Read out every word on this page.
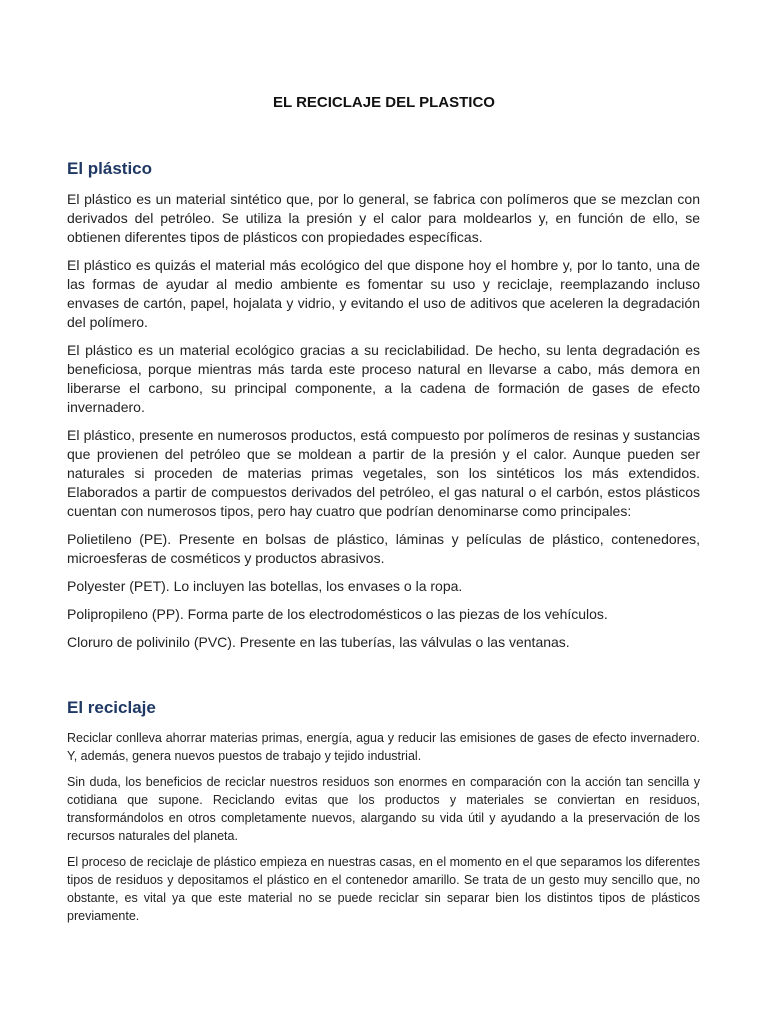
EL RECICLAJE DEL PLASTICO
El plástico

El plástico es un material sintético que, por lo general, se fabrica con polímeros que se mezclan con derivados del petróleo. Se utiliza la presión y el calor para moldearlos y, en función de ello, se obtienen diferentes tipos de plásticos con propiedades específicas.

El plástico es quizás el material más ecológico del que dispone hoy el hombre y, por lo tanto, una de las formas de ayudar al medio ambiente es fomentar su uso y reciclaje, reemplazando incluso envases de cartón, papel, hojalata y vidrio, y evitando el uso de aditivos que aceleren la degradación del polímero.

El plástico es un material ecológico gracias a su reciclabilidad. De hecho, su lenta degradación es beneficiosa, porque mientras más tarda este proceso natural en llevarse a cabo, más demora en liberarse el carbono, su principal componente, a la cadena de formación de gases de efecto invernadero.

El plástico, presente en numerosos productos, está compuesto por polímeros de resinas y sustancias que provienen del petróleo que se moldean a partir de la presión y el calor. Aunque pueden ser naturales si proceden de materias primas vegetales, son los sintéticos los más extendidos. Elaborados a partir de compuestos derivados del petróleo, el gas natural o el carbón, estos plásticos cuentan con numerosos tipos, pero hay cuatro que podrían denominarse como principales:

Polietileno (PE). Presente en bolsas de plástico, láminas y películas de plástico, contenedores, microesferas de cosméticos y productos abrasivos.

Polyester (PET). Lo incluyen las botellas, los envases o la ropa.

Polipropileno (PP). Forma parte de los electrodomésticos o las piezas de los vehículos.

Cloruro de polivinilo (PVC). Presente en las tuberías, las válvulas o las ventanas.

El reciclaje

Reciclar conlleva ahorrar materias primas, energía, agua y reducir las emisiones de gases de efecto invernadero. Y, además, genera nuevos puestos de trabajo y tejido industrial.

Sin duda, los beneficios de reciclar nuestros residuos son enormes en comparación con la acción tan sencilla y cotidiana que supone. Reciclando evitas que los productos y materiales se conviertan en residuos, transformándolos en otros completamente nuevos, alargando su vida útil y ayudando a la preservación de los recursos naturales del planeta.

El proceso de reciclaje de plástico empieza en nuestras casas, en el momento en el que separamos los diferentes tipos de residuos y depositamos el plástico en el contenedor amarillo. Se trata de un gesto muy sencillo que, no obstante, es vital ya que este material no se puede reciclar sin separar bien los distintos tipos de plásticos previamente.
